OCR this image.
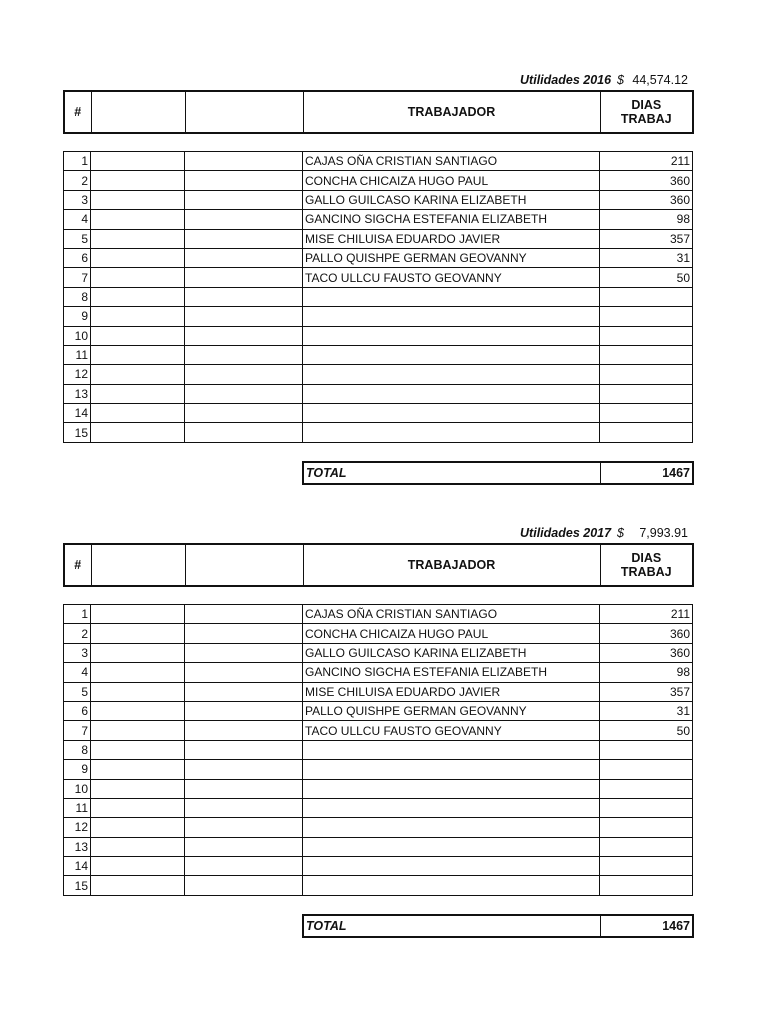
Utilidades 2016 $ 44,574.12
#			TRABAJADOR	DIAS
TRABAJ
1			CAJAS OÑA CRISTIAN SANTIAGO	211
2			CONCHA CHICAIZA HUGO PAUL	360
3			GALLO GUILCASO KARINA ELIZABETH	360
4			GANCINO SIGCHA ESTEFANIA ELIZABETH	98
5			MISE CHILUISA EDUARDO JAVIER	357
6			PALLO QUISHPE GERMAN GEOVANNY	31
7			TACO ULLCU FAUSTO GEOVANNY	50
8				
9				
10				
11				
12				
13				
14				
15				
TOTAL	1467
Utilidades 2017 $ 7,993.91
#			TRABAJADOR	DIAS
TRABAJ
1			CAJAS OÑA CRISTIAN SANTIAGO	211
2			CONCHA CHICAIZA HUGO PAUL	360
3			GALLO GUILCASO KARINA ELIZABETH	360
4			GANCINO SIGCHA ESTEFANIA ELIZABETH	98
5			MISE CHILUISA EDUARDO JAVIER	357
6			PALLO QUISHPE GERMAN GEOVANNY	31
7			TACO ULLCU FAUSTO GEOVANNY	50
8				
9				
10				
11				
12				
13				
14				
15				
TOTAL	1467
